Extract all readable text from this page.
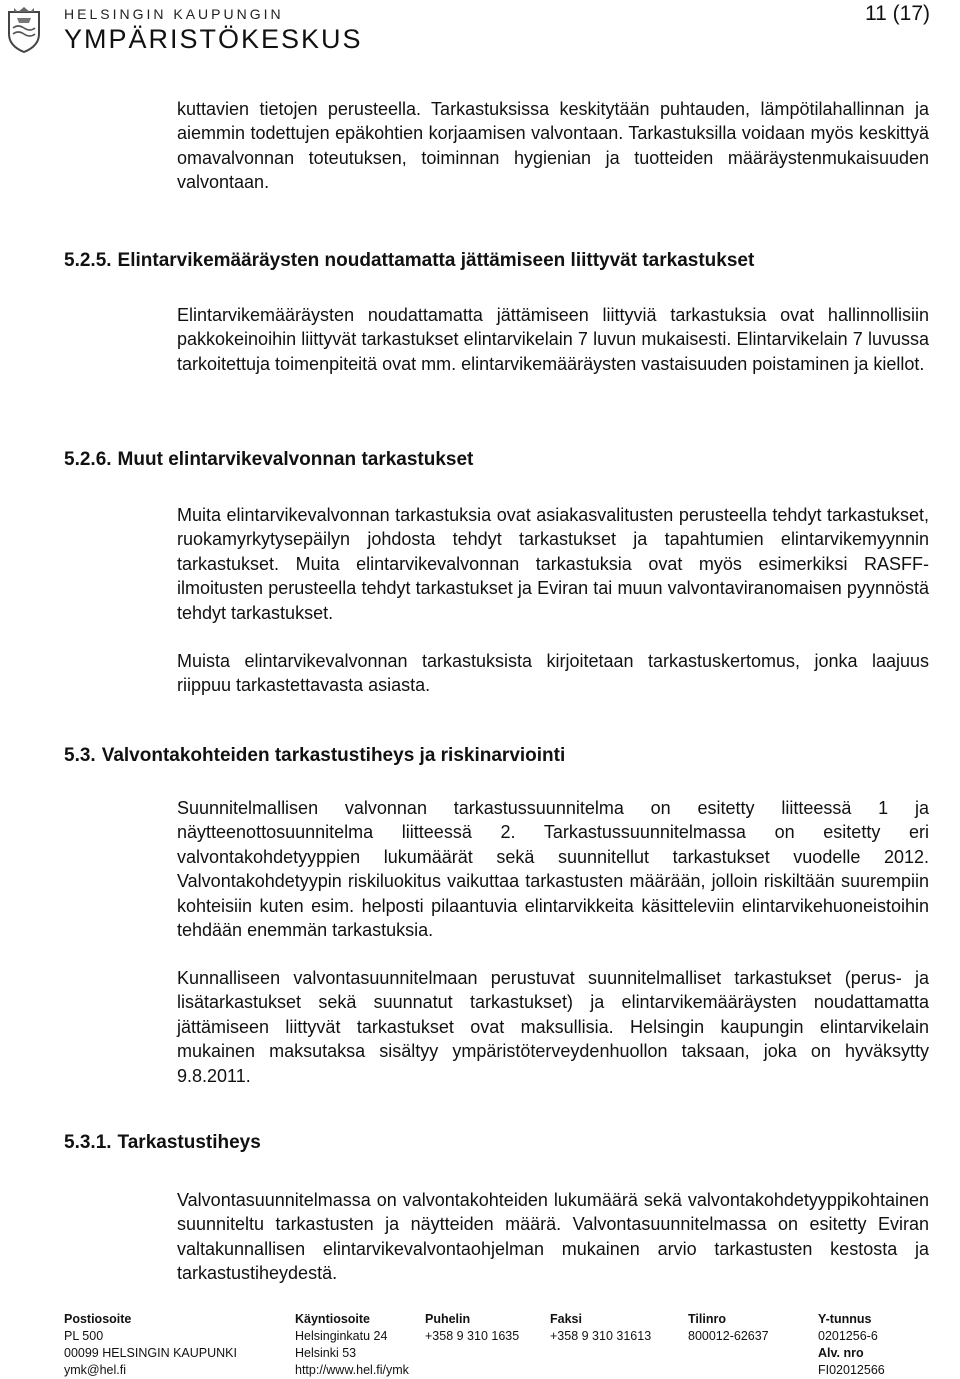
HELSINGIN KAUPUNGIN
YMPÄRISTÖKESKUS
11 (17)

kuttavien tietojen perusteella. Tarkastuksissa keskitytään puhtauden, lämpötilahallinnan ja aiemmin todettujen epäkohtien korjaamisen valvontaan. Tarkastuksilla voidaan myös keskittyä omavalvonnan toteutuksen, toiminnan hygienian ja tuotteiden määräystenmukaisuuden valvontaan.

5.2.5. Elintarvikemääräysten noudattamatta jättämiseen liittyvät tarkastukset

Elintarvikemääräysten noudattamatta jättämiseen liittyviä tarkastuksia ovat hallinnollisiin pakkokeinoihin liittyvät tarkastukset elintarvikelain 7 luvun mukaisesti. Elintarvikelain 7 luvussa tarkoitettuja toimenpiteitä ovat mm. elintarvikemääräysten vastaisuuden poistaminen ja kiellot.

5.2.6. Muut elintarvikevalvonnan tarkastukset

Muita elintarvikevalvonnan tarkastuksia ovat asiakasvalitusten perusteella tehdyt tarkastukset, ruokamyrkytysepäilyn johdosta tehdyt tarkastukset ja tapahtumien elintarvikemyynnin tarkastukset. Muita elintarvikevalvonnan tarkastuksia ovat myös esimerkiksi RASFF-ilmoitusten perusteella tehdyt tarkastukset ja Eviran tai muun valvontaviranomaisen pyynnöstä tehdyt tarkastukset.

Muista elintarvikevalvonnan tarkastuksista kirjoitetaan tarkastuskertomus, jonka laajuus riippuu tarkastettavasta asiasta.

5.3. Valvontakohteiden tarkastustiheys ja riskinarviointi

Suunnitelmallisen valvonnan tarkastussuunnitelma on esitetty liitteessä 1 ja näytteenottosuunnitelma liitteessä 2. Tarkastussuunnitelmassa on esitetty eri valvontakohdetyyppien lukumäärät sekä suunnitellut tarkastukset vuodelle 2012. Valvontakohdetyypin riskiluokitus vaikuttaa tarkastusten määrään, jolloin riskiltään suurempiin kohteisiin kuten esim. helposti pilaantuvia elintarvikkeita käsitteleviin elintarvikehuoneistoihin tehdään enemmän tarkastuksia.

Kunnalliseen valvontasuunnitelmaan perustuvat suunnitelmalliset tarkastukset (perus- ja lisätarkastukset sekä suunnatut tarkastukset) ja elintarvikemääräysten noudattamatta jättämiseen liittyvät tarkastukset ovat maksullisia. Helsingin kaupungin elintarvikelain mukainen maksutaksa sisältyy ympäristöterveydenhuollon taksaan, joka on hyväksytty 9.8.2011.

5.3.1. Tarkastustiheys

Valvontasuunnitelmassa on valvontakohteiden lukumäärä sekä valvontakohdetyyppikohtainen suunniteltu tarkastusten ja näytteiden määrä. Valvontasuunnitelmassa on esitetty Eviran valtakunnallisen elintarvikevalvontaohjelman mukainen arvio tarkastusten kestosta ja tarkastustiheydestä.

Postiosoite
PL 500
00099 HELSINGIN KAUPUNKI
ymk@hel.fi
Käyntiosoite
Helsinginkatu 24
Helsinki 53
http://www.hel.fi/ymk
Puhelin
+358 9 310 1635
Faksi
+358 9 310 31613
Tilinro
800012-62637
Y-tunnus
0201256-6
Alv. nro
FI02012566
